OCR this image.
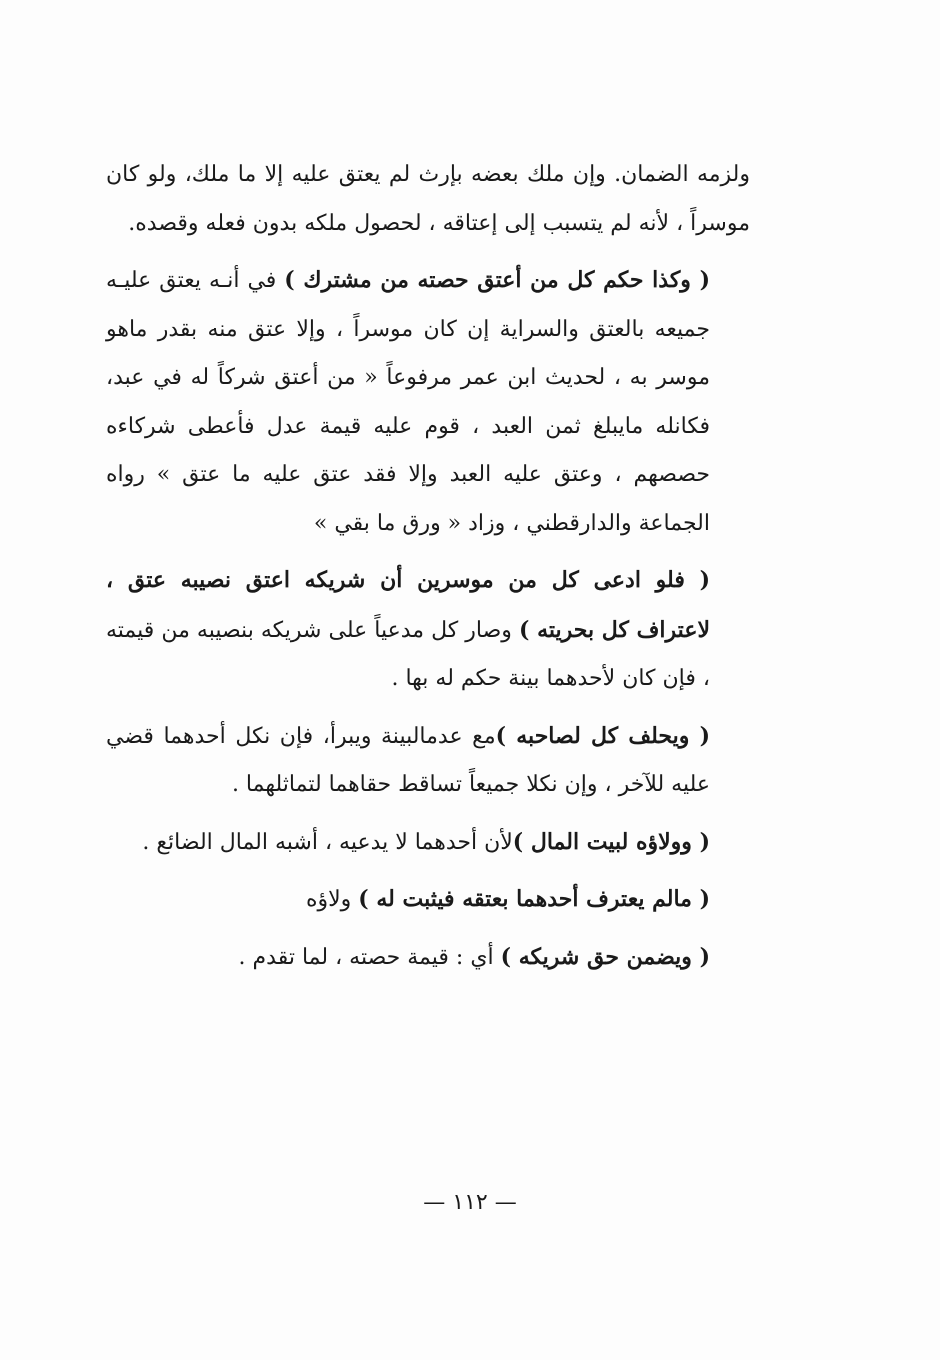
ولزمه الضمان. وإن ملك بعضه بإرث لم يعتق عليه إلا ما ملك، ولو كان موسراً ، لأنه لم يتسبب إلى إعتاقه ، لحصول ملكه بدون فعله وقصده.

( وكذا حكم كل من أعتق حصته من مشترك ) في أنـه يعتق عليـه جميعه بالعتق والسراية إن كان موسراً ، وإلا عتق منه بقدر ماهو موسر به ، لحديث ابن عمر مرفوعاً « من أعتق شركاً له في عبد، فكانله مايبلغ ثمن العبد ، قوم عليه قيمة عدل فأعطى شركاءه حصصهم ، وعتق عليه العبد وإلا فقد عتق عليه ما عتق » رواه الجماعة والدارقطني ، وزاد « ورق ما بقي »

( فلو ادعى كل من موسرين أن شريكه اعتق نصيبه عتق ، لاعتراف كل بحريته ) وصار كل مدعياً على شريكه بنصيبه من قيمته ، فإن كان لأحدهما بينة حكم له بها .

( ويحلف كل لصاحبه )مع عدمالبينة ويبرأ، فإن نكل أحدهما قضي عليه للآخر ، وإن نكلا جميعاً تساقط حقاهما لتماثلهما .

( وولاؤه لبيت المال )لأن أحدهما لا يدعيه ، أشبه المال الضائع .

( مالم يعترف أحدهما بعتقه فيثبت له ) ولاؤه

( ويضمن حق شريكه ) أي : قيمة حصته ، لما تقدم .

— ١١٢ —
